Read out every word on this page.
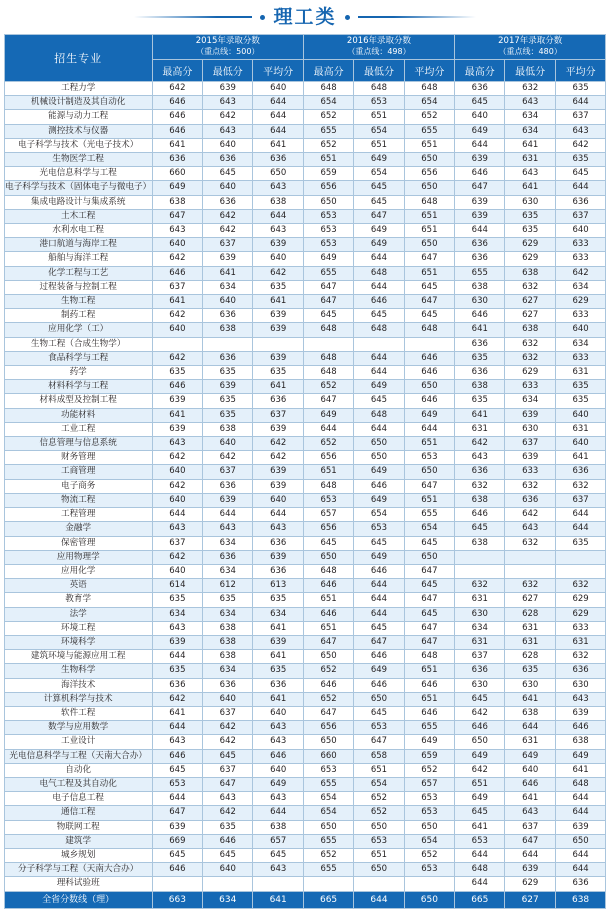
理工类
招生专业	2015年录取分数
（重点线：500）			2016年录取分数
（重点线：498）			2017年录取分数
（重点线：480）		

	最高分	最低分	平均分	最高分	最低分	平均分	最高分	最低分	平均分
工程力学	642	639	640	648	648	648	636	632	635
机械设计制造及其自动化	646	643	644	654	653	654	645	643	644
能源与动力工程	646	642	644	652	651	652	640	634	637
测控技术与仪器	646	643	644	655	654	655	649	634	643
电子科学与技术（光电子技术）	641	640	641	652	651	651	644	641	642
生物医学工程	636	636	636	651	649	650	639	631	635
光电信息科学与工程	660	645	650	659	654	656	646	643	645
电子科学与技术（固体电子与微电子）	649	640	643	656	645	650	647	641	644
集成电路设计与集成系统	638	636	638	650	645	648	639	630	636
土木工程	647	642	644	653	647	651	639	635	637
水利水电工程	643	642	643	653	649	651	644	635	640
港口航道与海岸工程	640	637	639	653	649	650	636	629	633
船舶与海洋工程	642	639	640	649	644	647	636	629	633
化学工程与工艺	646	641	642	655	648	651	655	638	642
过程装备与控制工程	637	634	635	647	644	645	638	632	634
生物工程	641	640	641	647	646	647	630	627	629
制药工程	642	636	639	645	645	645	646	627	633
应用化学（工）	640	638	639	648	648	648	641	638	640
生物工程（合成生物学）							636	632	634
食品科学与工程	642	636	639	648	644	646	635	632	633
药学	635	635	635	648	644	646	636	629	631
材料科学与工程	646	639	641	652	649	650	638	633	635
材料成型及控制工程	639	635	636	647	645	646	635	634	635
功能材料	641	635	637	649	648	649	641	639	640
工业工程	639	638	639	644	644	644	631	630	631
信息管理与信息系统	643	640	642	652	650	651	642	637	640
财务管理	642	642	642	656	650	653	643	639	641
工商管理	640	637	639	651	649	650	636	633	636
电子商务	642	636	639	648	646	647	632	632	632
物流工程	640	639	640	653	649	651	638	636	637
工程管理	644	644	644	657	654	655	646	642	644
金融学	643	643	643	656	653	654	645	643	644
保密管理	637	634	636	645	645	645	638	632	635
应用物理学	642	636	639	650	649	650			
应用化学	640	634	636	648	646	647			
英语	614	612	613	646	644	645	632	632	632
教育学	635	635	635	651	644	647	631	627	629
法学	634	634	634	646	644	645	630	628	629
环境工程	643	638	641	651	645	647	634	631	633
环境科学	639	638	639	647	647	647	631	631	631
建筑环境与能源应用工程	644	638	641	650	646	648	637	628	632
生物科学	635	634	635	652	649	651	636	635	636
海洋技术	636	636	636	646	646	646	630	630	630
计算机科学与技术	642	640	641	652	650	651	645	641	643
软件工程	641	637	640	647	645	646	642	638	639
数学与应用数学	644	642	643	656	653	655	646	644	646
工业设计	643	642	643	650	647	649	650	631	638
光电信息科学与工程（天南大合办）	646	645	646	660	658	659	649	649	649
自动化	645	637	640	653	651	652	642	640	641
电气工程及其自动化	653	647	649	655	654	657	651	646	648
电子信息工程	644	643	643	654	652	653	649	641	644
通信工程	647	642	644	654	652	653	645	643	644
物联网工程	639	635	638	650	650	650	641	637	639
建筑学	669	646	657	655	653	654	653	647	650
城乡规划	645	645	645	652	651	652	644	644	644
分子科学与工程（天南大合办）	646	640	643	655	650	653	648	639	644
理科试验班							644	629	636
全省分数线（理）	663	634	641	665	644	650	665	627	638
